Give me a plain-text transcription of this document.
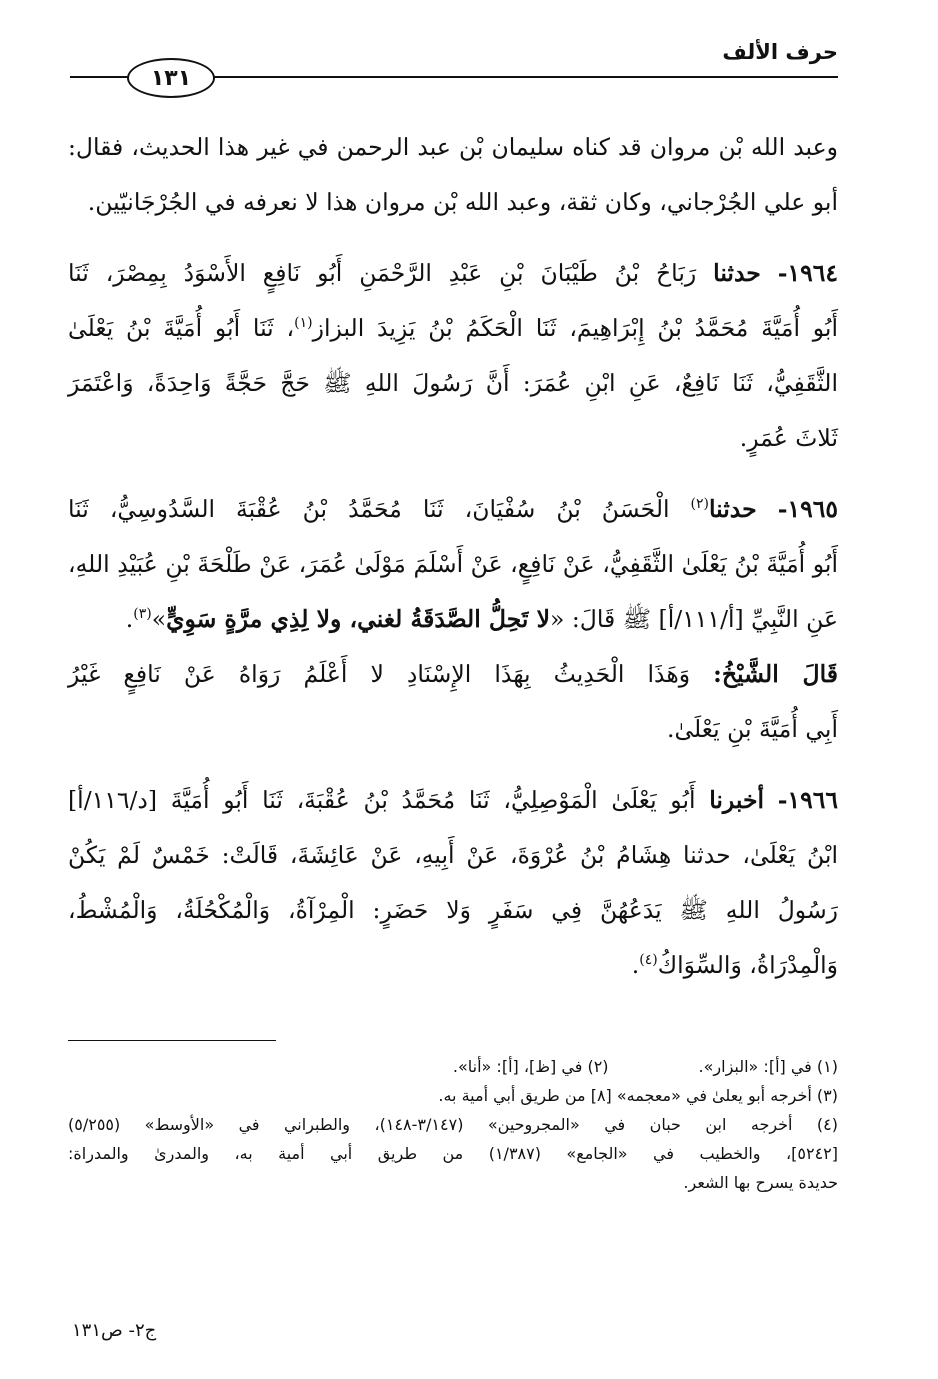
حرف الألف
١٣١
وعبد الله بْن مروان قد كناه سليمان بْن عبد الرحمن في غير هذا الحديث، فقال:
أبو علي الجُرْجاني، وكان ثقة، وعبد الله بْن مروان هذا لا نعرفه في الجُرْجَانيّين.
١٩٦٤- حدثنا رَبَاحُ بْنُ طَيْبَانَ بْنِ عَبْدِ الرَّحْمَنِ أَبُو نَافِعٍ الأَسْوَدُ بِمِصْرَ، ثَنَا
أَبُو أُمَيَّةَ مُحَمَّدُ بْنُ إِبْرَاهِيمَ، ثَنَا الْحَكَمُ بْنُ يَزِيدَ البزاز$^{(١)}$، ثَنَا أَبُو أُمَيَّةَ بْنُ يَعْلَىٰ
الثَّقَفِيُّ، ثَنَا نَافِعٌ، عَنِ ابْنِ عُمَرَ: أَنَّ رَسُولَ اللهِ ﷺ حَجَّ حَجَّةً وَاحِدَةً، وَاعْتَمَرَ
ثَلاثَ عُمَرٍ.
١٩٦٥- حدثنا$^{(٢)}$ الْحَسَنُ بْنُ سُفْيَانَ، ثَنَا مُحَمَّدُ بْنُ عُقْبَةَ السَّدُوسِيُّ، ثَنَا
أَبُو أُمَيَّةَ بْنُ يَعْلَىٰ الثَّقَفِيُّ، عَنْ نَافِعٍ، عَنْ أَسْلَمَ مَوْلَىٰ عُمَرَ، عَنْ طَلْحَةَ بْنِ عُبَيْدِ اللهِ،
عَنِ النَّبِيِّ [أ/١١١/أ] ﷺ قَالَ: «لا تَحِلُّ الصَّدَقَةُ لغني، ولا لِذِي مرَّةٍ سَوِيٍّ»$^{(٣)}$.
قَالَ الشَّيْخُ: وَهَذَا الْحَدِيثُ بِهَذَا الإِسْنَادِ لا أَعْلَمُ رَوَاهُ عَنْ نَافِعٍ غَيْرُ
أَبِي أُمَيَّةَ بْنِ يَعْلَىٰ.
١٩٦٦- أخبرنا أَبُو يَعْلَىٰ الْمَوْصِلِيُّ، ثَنَا مُحَمَّدُ بْنُ عُقْبَةَ، ثَنَا أَبُو أُمَيَّةَ [د/١١٦/أ]
ابْنُ يَعْلَىٰ، حدثنا هِشَامُ بْنُ عُرْوَةَ، عَنْ أَبِيهِ، عَنْ عَائِشَةَ، قَالَتْ: خَمْسٌ لَمْ يَكُنْ
رَسُولُ اللهِ ﷺ يَدَعُهُنَّ فِي سَفَرٍ وَلا حَضَرٍ: الْمِرْآةُ، وَالْمُكْحُلَةُ، وَالْمُشْطُ،
وَالْمِدْرَاةُ، وَالسِّوَاكُ$^{(٤)}$.
(١) في [أ]: «البزار».
(٢) في [ظ]، [أ]: «أنا».
(٣) أخرجه أبو يعلىٰ في «معجمه» [٨] من طريق أبي أمية به.
(٤) أخرجه ابن حبان في «المجروحين» (٣/١٤٧-١٤٨)، والطبراني في «الأوسط» (٥/٢٥٥)
[٥٢٤٢]، والخطيب في «الجامع» (١/٣٨٧) من طريق أبي أمية به، والمدرىٰ والمدراة:
حديدة يسرح بها الشعر.
ج٢- ص١٣١
